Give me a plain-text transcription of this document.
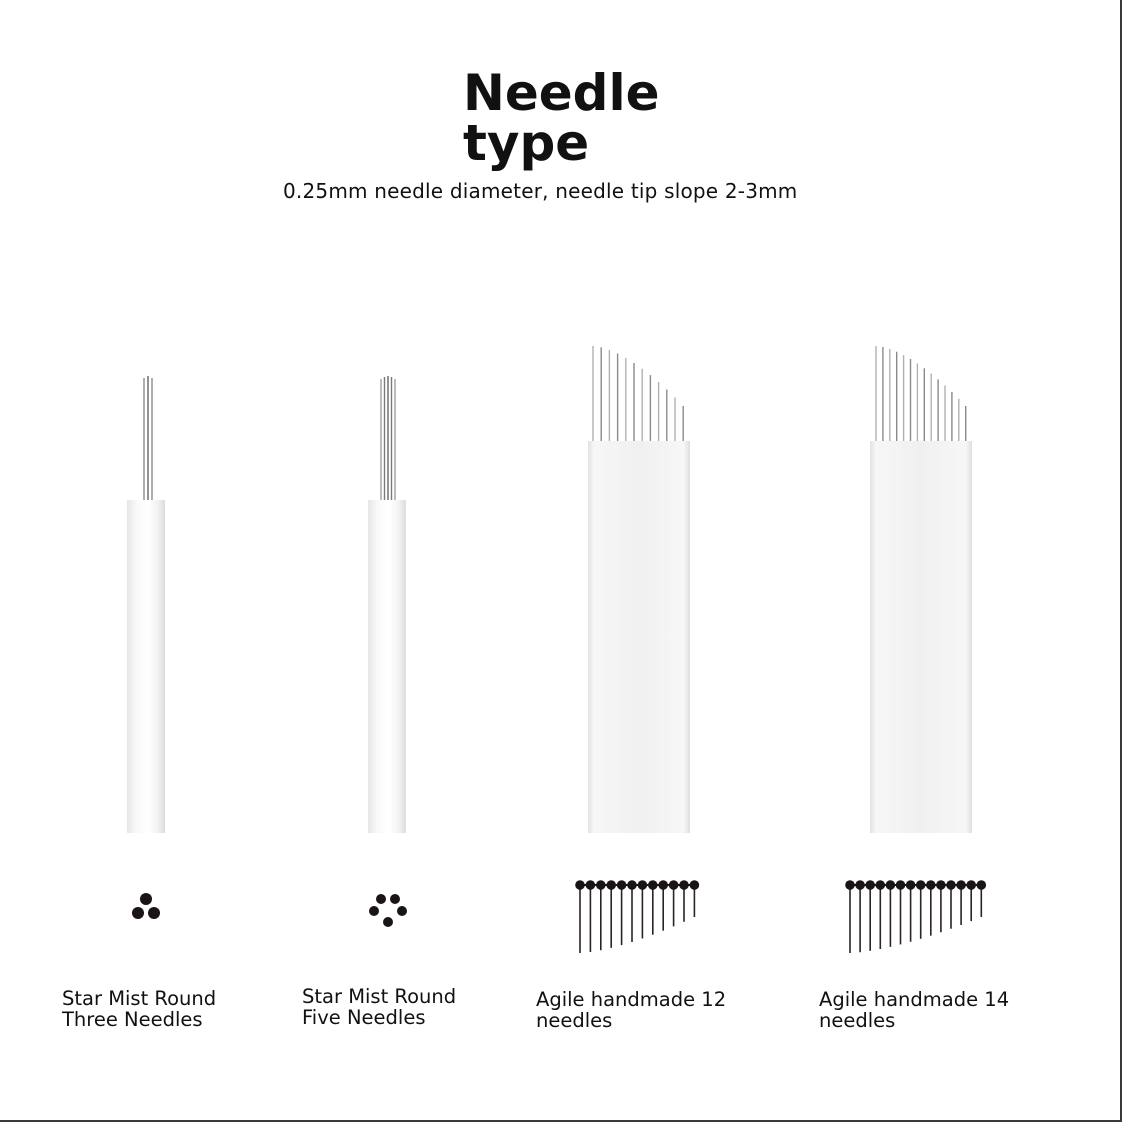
Needle
type
0.25mm needle diameter, needle tip slope 2-3mm
Star Mist Round
Three Needles
Star Mist Round
Five Needles
Agile handmade 12
needles
Agile handmade 14
needles
